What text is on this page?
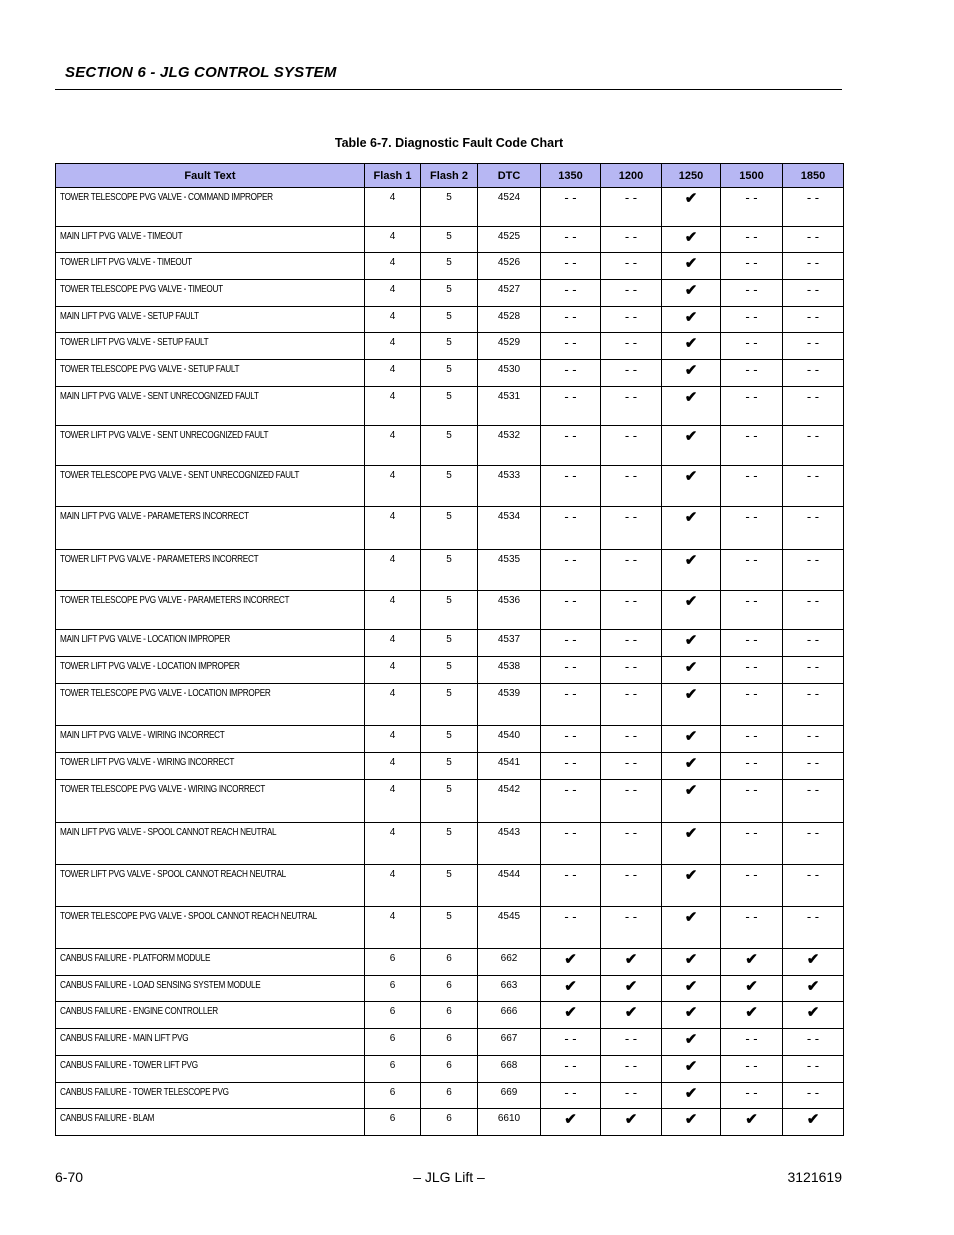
SECTION 6 - JLG CONTROL SYSTEM
Table 6-7. Diagnostic Fault Code Chart
Fault Text	Flash 1	Flash 2	DTC	1350	1200	1250	1500	1850
TOWER TELESCOPE PVG VALVE - COMMAND IMPROPER	4	5	4524	- -	- -	✔	- -	- -
MAIN LIFT PVG VALVE - TIMEOUT	4	5	4525	- -	- -	✔	- -	- -
TOWER LIFT PVG VALVE - TIMEOUT	4	5	4526	- -	- -	✔	- -	- -
TOWER TELESCOPE PVG VALVE - TIMEOUT	4	5	4527	- -	- -	✔	- -	- -
MAIN LIFT PVG VALVE - SETUP FAULT	4	5	4528	- -	- -	✔	- -	- -
TOWER LIFT PVG VALVE - SETUP FAULT	4	5	4529	- -	- -	✔	- -	- -
TOWER TELESCOPE PVG VALVE - SETUP FAULT	4	5	4530	- -	- -	✔	- -	- -
MAIN LIFT PVG VALVE - SENT UNRECOGNIZED FAULT	4	5	4531	- -	- -	✔	- -	- -
TOWER LIFT PVG VALVE - SENT UNRECOGNIZED FAULT	4	5	4532	- -	- -	✔	- -	- -
TOWER TELESCOPE PVG VALVE - SENT UNRECOGNIZED FAULT	4	5	4533	- -	- -	✔	- -	- -
MAIN LIFT PVG VALVE - PARAMETERS INCORRECT	4	5	4534	- -	- -	✔	- -	- -
TOWER LIFT PVG VALVE - PARAMETERS INCORRECT	4	5	4535	- -	- -	✔	- -	- -
TOWER TELESCOPE PVG VALVE - PARAMETERS INCORRECT	4	5	4536	- -	- -	✔	- -	- -
MAIN LIFT PVG VALVE - LOCATION IMPROPER	4	5	4537	- -	- -	✔	- -	- -
TOWER LIFT PVG VALVE - LOCATION IMPROPER	4	5	4538	- -	- -	✔	- -	- -
TOWER TELESCOPE PVG VALVE - LOCATION IMPROPER	4	5	4539	- -	- -	✔	- -	- -
MAIN LIFT PVG VALVE - WIRING INCORRECT	4	5	4540	- -	- -	✔	- -	- -
TOWER LIFT PVG VALVE - WIRING INCORRECT	4	5	4541	- -	- -	✔	- -	- -
TOWER TELESCOPE PVG VALVE - WIRING INCORRECT	4	5	4542	- -	- -	✔	- -	- -
MAIN LIFT PVG VALVE - SPOOL CANNOT REACH NEUTRAL	4	5	4543	- -	- -	✔	- -	- -
TOWER LIFT PVG VALVE - SPOOL CANNOT REACH NEUTRAL	4	5	4544	- -	- -	✔	- -	- -
TOWER TELESCOPE PVG VALVE - SPOOL CANNOT REACH NEUTRAL	4	5	4545	- -	- -	✔	- -	- -
CANBUS FAILURE - PLATFORM MODULE	6	6	662	✔	✔	✔	✔	✔
CANBUS FAILURE - LOAD SENSING SYSTEM MODULE	6	6	663	✔	✔	✔	✔	✔
CANBUS FAILURE - ENGINE CONTROLLER	6	6	666	✔	✔	✔	✔	✔
CANBUS FAILURE - MAIN LIFT PVG	6	6	667	- -	- -	✔	- -	- -
CANBUS FAILURE - TOWER LIFT PVG	6	6	668	- -	- -	✔	- -	- -
CANBUS FAILURE - TOWER TELESCOPE PVG	6	6	669	- -	- -	✔	- -	- -
CANBUS FAILURE - BLAM	6	6	6610	✔	✔	✔	✔	✔
6-70	– JLG Lift –	3121619
